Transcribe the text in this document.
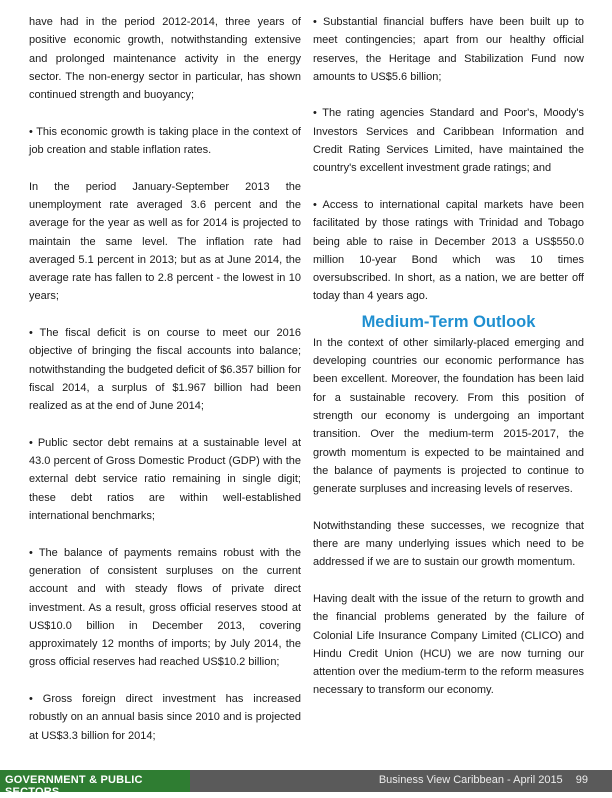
have had in the period 2012-2014, three years of positive economic growth, notwithstanding extensive and prolonged maintenance activity in the energy sector. The non-energy sector in particular, has shown continued strength and buoyancy;

• This economic growth is taking place in the context of job creation and stable inflation rates.

In the period January-September 2013 the unemployment rate averaged 3.6 percent and the average for the year as well as for 2014 is projected to maintain the same level. The inflation rate had averaged 5.1 percent in 2013; but as at June 2014, the average rate has fallen to 2.8 percent - the lowest in 10 years;

• The fiscal deficit is on course to meet our 2016 objective of bringing the fiscal accounts into balance; notwithstanding the budgeted deficit of $6.357 billion for fiscal 2014, a surplus of $1.967 billion had been realized as at the end of June 2014;

• Public sector debt remains at a sustainable level at 43.0 percent of Gross Domestic Product (GDP) with the external debt service ratio remaining in single digit; these debt ratios are within well-established international benchmarks;

• The balance of payments remains robust with the generation of consistent surpluses on the current account and with steady flows of private direct investment. As a result, gross official reserves stood at US$10.0 billion in December 2013, covering approximately 12 months of imports; by July 2014, the gross official reserves had reached US$10.2 billion;

• Gross foreign direct investment has increased robustly on an annual basis since 2010 and is projected at US$3.3 billion for 2014;

• Substantial financial buffers have been built up to meet contingencies; apart from our healthy official reserves, the Heritage and Stabilization Fund now amounts to US$5.6 billion;

• The rating agencies Standard and Poor's, Moody's Investors Services and Caribbean Information and Credit Rating Services Limited, have maintained the country's excellent investment grade ratings; and

• Access to international capital markets have been facilitated by those ratings with Trinidad and Tobago being able to raise in December 2013 a US$550.0 million 10-year Bond which was 10 times oversubscribed. In short, as a nation, we are better off today than 4 years ago.

Medium-Term Outlook

In the context of other similarly-placed emerging and developing countries our economic performance has been excellent. Moreover, the foundation has been laid for a sustainable recovery. From this position of strength our economy is undergoing an important transition. Over the medium-term 2015-2017, the growth momentum is expected to be maintained and the balance of payments is projected to continue to generate surpluses and increasing levels of reserves.

Notwithstanding these successes, we recognize that there are many underlying issues which need to be addressed if we are to sustain our growth momentum.

Having dealt with the issue of the return to growth and the financial problems generated by the failure of Colonial Life Insurance Company Limited (CLICO) and Hindu Credit Union (HCU) we are now turning our attention over the medium-term to the reform measures necessary to transform our economy.

GOVERNMENT & PUBLIC SECTORS
Business View Caribbean - April 2015 99
